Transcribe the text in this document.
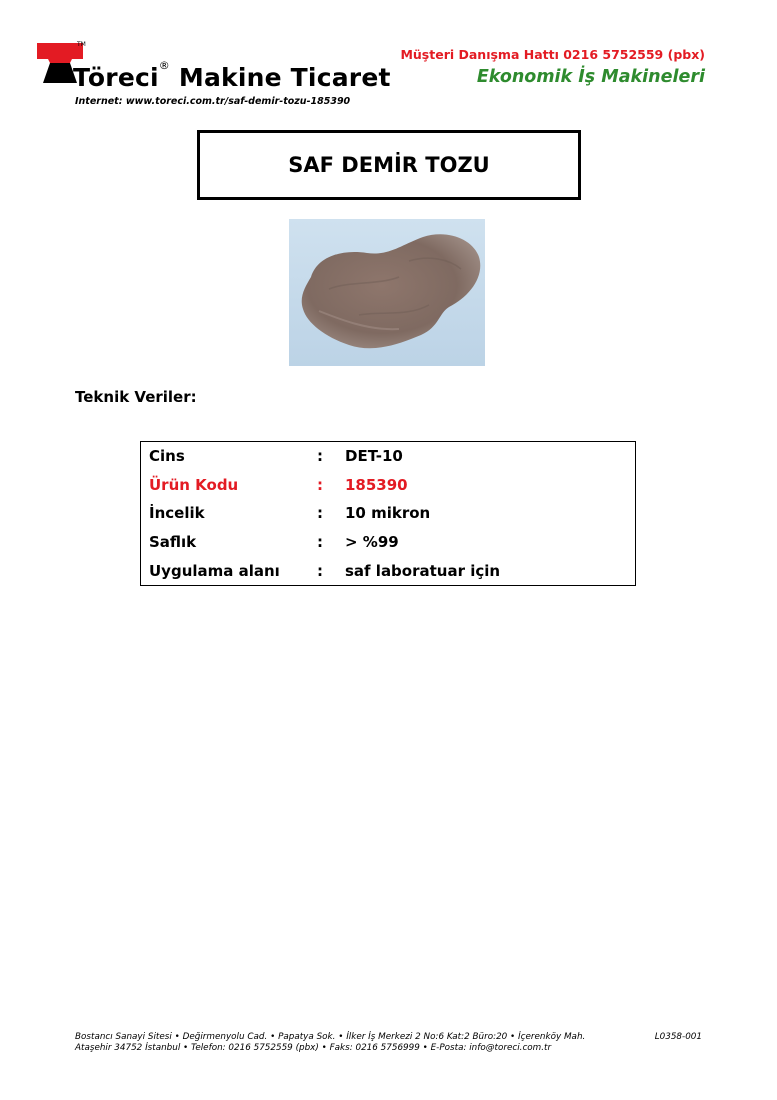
TM
Töreci® Makine Ticaret
Internet: www.toreci.com.tr/saf-demir-tozu-185390
Müşteri Danışma Hattı 0216 5752559 (pbx)
Ekonomik İş Makineleri
SAF DEMİR TOZU
Teknik Veriler:
Cins	:	DET-10
Ürün Kodu	:	185390
İncelik	:	10 mikron
Saflık	:	> %99
Uygulama alanı	:	saf laboratuar için
Bostancı Sanayi Sitesi • Değirmenyolu Cad. • Papatya Sok. • İlker İş Merkezi 2 No:6 Kat:2 Büro:20 • İçerenköy Mah.
Ataşehir 34752 İstanbul • Telefon: 0216 5752559 (pbx) • Faks: 0216 5756999 • E-Posta: info@toreci.com.tr
L0358-001
